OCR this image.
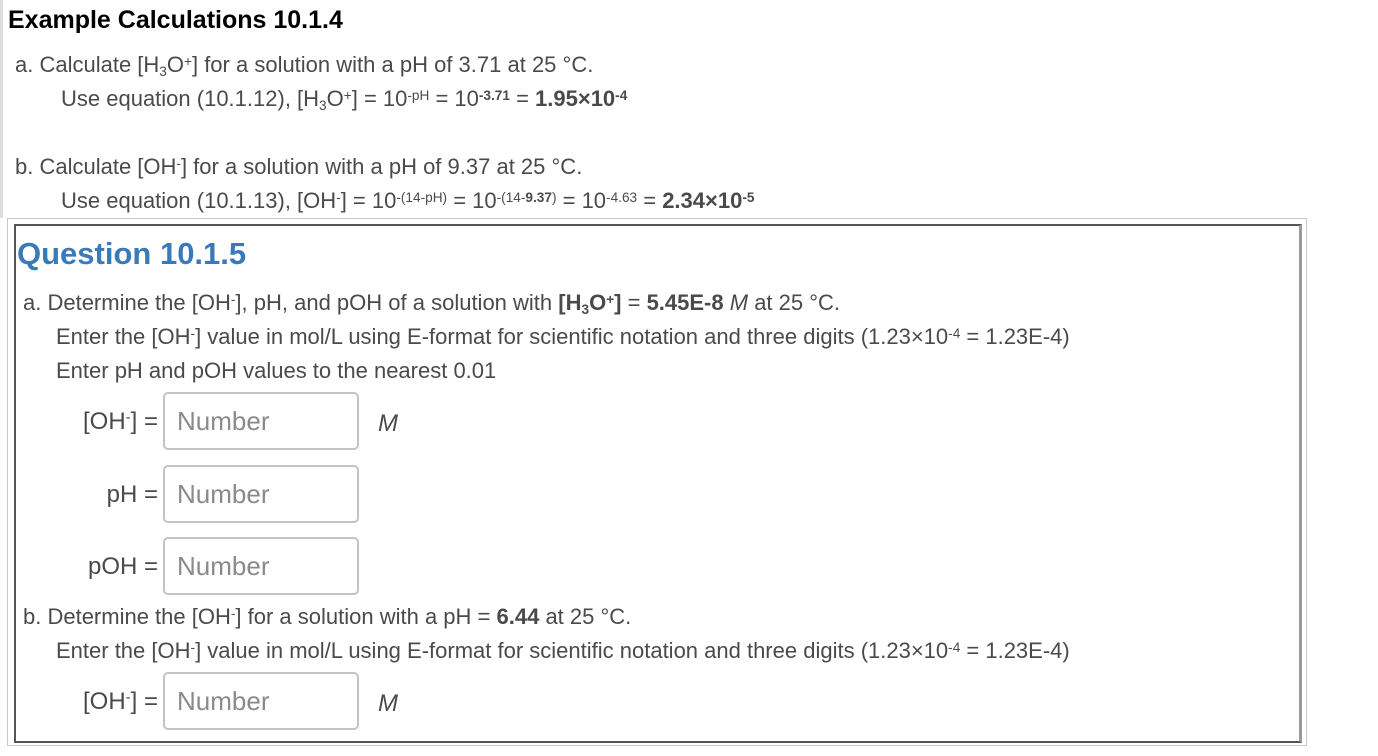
Example Calculations 10.1.4
a. Calculate $[H_3O^+]$ for a solution with a pH of 3.71 at 25 °C.
Use equation (10.1.12), $[H_3O^+] = 10^{-pH} = 10^{-3.71} = 1.95\times 10^{-4}$
b. Calculate [OH-] for a solution with a pH of 9.37 at 25 °C.
Use equation (10.1.13), $[OH^-] = 10^{-(14-pH)} = 10^{-(14-9.37)} = 10^{-4.63} = 2.34\times 10^{-5}$
Question 10.1.5
a. Determine the [OH-], pH, and pOH of a solution with $[H_3O^+] = 5.45E-8$ M at 25 °C.
Enter the [OH-] value in mol/L using E-format for scientific notation and three digits $(1.23\times 10^{-4} = 1.23E-4)$
Enter pH and pOH values to the nearest 0.01
[OH-] =
Number	M
pH =
Number
pOH =
Number
b. Determine the [OH-] for a solution with a pH = 6.44 at 25 °C.
Enter the [OH-] value in mol/L using E-format for scientific notation and three digits $(1.23\times 10^{-4} = 1.23E-4)$
[OH-] =
Number	M
